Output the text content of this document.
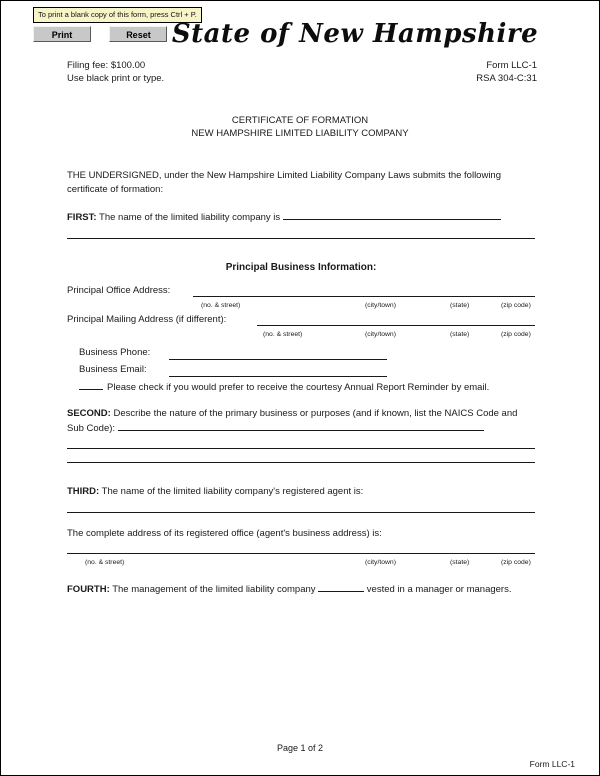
To print a blank copy of this form, press Ctrl + P.
Print	Reset State of New Hampshire
Filing fee: $100.00
Use black print or type.
Form LLC-1
RSA 304-C:31
CERTIFICATE OF FORMATION
NEW HAMPSHIRE LIMITED LIABILITY COMPANY

THE UNDERSIGNED, under the New Hampshire Limited Liability Company Laws submits the following certificate of formation:

FIRST: The name of the limited liability company is
Principal Business Information:
Principal Office Address:
(no. & street)	(city/town)	(state)	(zip code)
Principal Mailing Address (if different):
(no. & street)	(city/town)	(state)	(zip code)
Business Phone:
Business Email:
Please check if you would prefer to receive the courtesy Annual Report Reminder by email.
SECOND: Describe the nature of the primary business or purposes (and if known, list the NAICS Code and Sub Code):
THIRD: The name of the limited liability company's registered agent is:
The complete address of its registered office (agent's business address) is:
(no. & street)	(city/town)	(state)	(zip code)
FOURTH: The management of the limited liability company	vested in a manager or managers.
Page 1 of 2
Form LLC-1
